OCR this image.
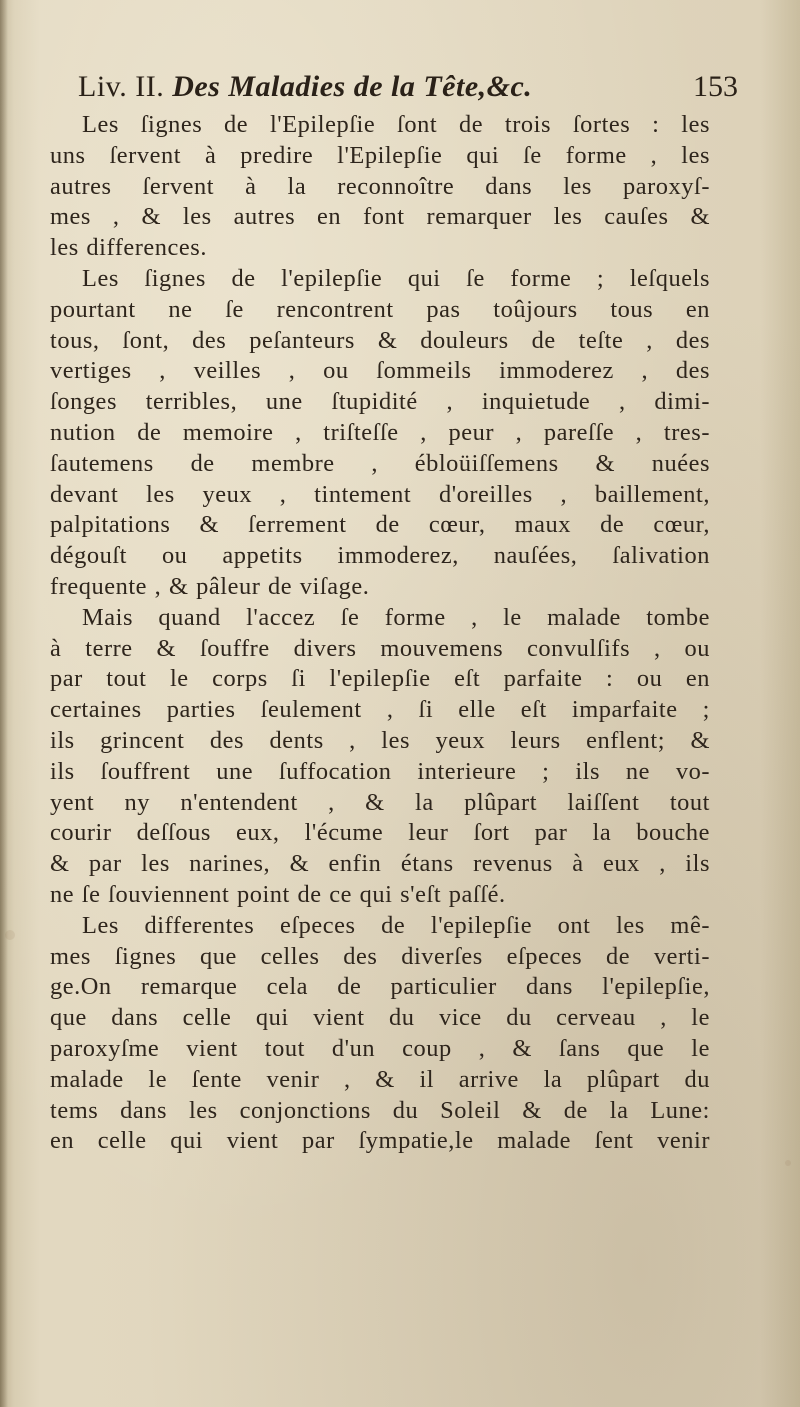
Liv. II. Des Maladies de la Tête,&c.	153

Les ſignes de l'Epilepſie ſont de trois ſortes : les

uns ſervent à predire l'Epilepſie qui ſe forme , les

autres ſervent à la reconnoître dans les paroxyſ-

mes , & les autres en font remarquer les cauſes &

les differences.

Les ſignes de l'epilepſie qui ſe forme ; leſquels

pourtant ne ſe rencontrent pas toûjours tous en

tous, ſont, des peſanteurs & douleurs de teſte , des

vertiges , veilles , ou ſommeils immoderez , des

ſonges terribles, une ſtupidité , inquietude , dimi-

nution de memoire , triſteſſe , peur , pareſſe , tres-

ſautemens de membre , ébloüiſſemens & nuées

devant les yeux , tintement d'oreilles , baillement,

palpitations & ſerrement de cœur, maux de cœur,

dégouſt ou appetits immoderez, nauſées, ſalivation

frequente , & pâleur de viſage.

Mais quand l'accez ſe forme , le malade tombe

à terre & ſouffre divers mouvemens convulſifs , ou

par tout le corps ſi l'epilepſie eſt parfaite : ou en

certaines parties ſeulement , ſi elle eſt imparfaite ;

ils grincent des dents , les yeux leurs enflent; &

ils ſouffrent une ſuffocation interieure ; ils ne vo-

yent ny n'entendent , & la plûpart laiſſent tout

courir deſſous eux, l'écume leur ſort par la bouche

& par les narines, & enfin étans revenus à eux , ils

ne ſe ſouviennent point de ce qui s'eſt paſſé.

Les differentes eſpeces de l'epilepſie ont les mê-

mes ſignes que celles des diverſes eſpeces de verti-

ge.On remarque cela de particulier dans l'epilepſie,

que dans celle qui vient du vice du cerveau , le

paroxyſme vient tout d'un coup , & ſans que le

malade le ſente venir , & il arrive la plûpart du

tems dans les conjonctions du Soleil & de la Lune:

en celle qui vient par ſympatie,le malade ſent venir
